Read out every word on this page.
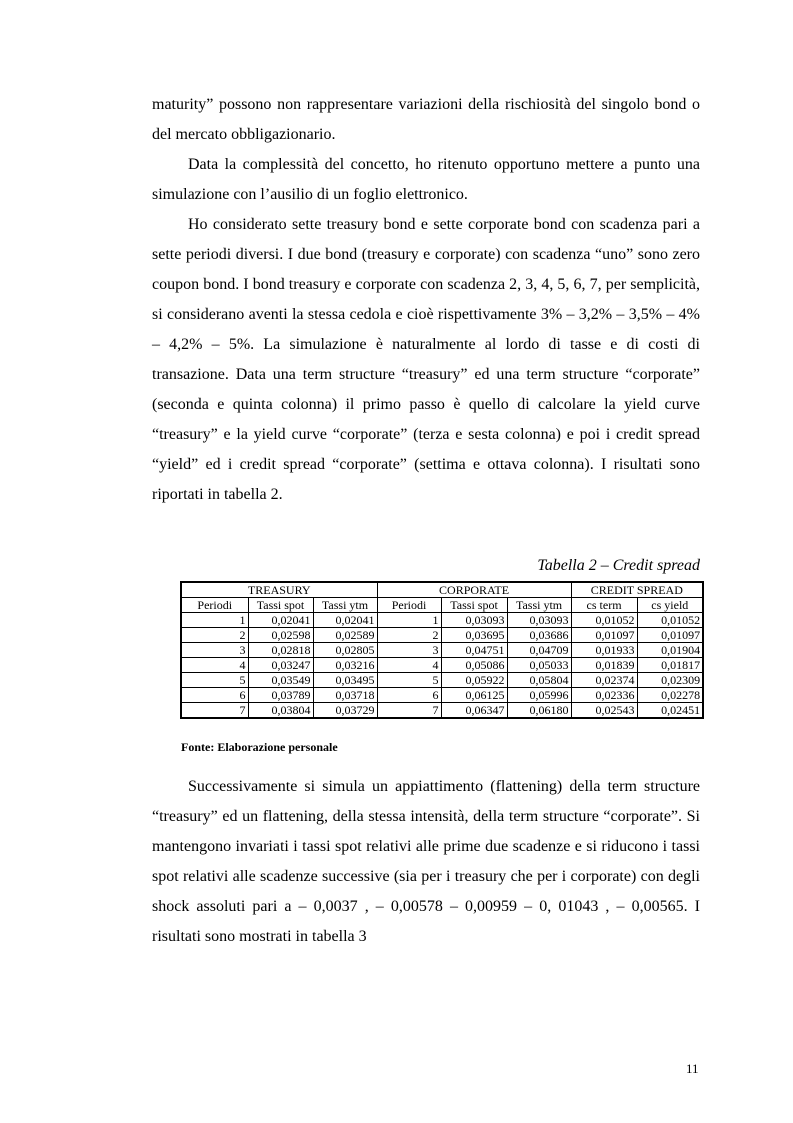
maturity” possono non rappresentare variazioni della rischiosità del singolo bond o del mercato obbligazionario.

Data la complessità del concetto, ho ritenuto opportuno mettere a punto una simulazione con l’ausilio di un foglio elettronico.

Ho considerato sette treasury bond e sette corporate bond con scadenza pari a sette periodi diversi. I due bond (treasury e corporate) con scadenza “uno” sono zero coupon bond. I bond treasury e corporate con scadenza 2, 3, 4, 5, 6, 7, per semplicità, si considerano aventi la stessa cedola e cioè rispettivamente 3% – 3,2% – 3,5% – 4% – 4,2% – 5%. La simulazione è naturalmente al lordo di tasse e di costi di transazione. Data una term structure “treasury” ed una term structure “corporate” (seconda e quinta colonna) il primo passo è quello di calcolare la yield curve “treasury” e la yield curve “corporate” (terza e sesta colonna) e poi i credit spread “yield” ed i credit spread “corporate” (settima e ottava colonna). I risultati sono riportati in tabella 2.

Tabella 2 – Credit spread
TREASURY			CORPORATE			CREDIT SPREAD	
Periodi	Tassi spot	Tassi ytm	Periodi	Tassi spot	Tassi ytm	cs term	cs yield
1	0,02041	0,02041	1	0,03093	0,03093	0,01052	0,01052
2	0,02598	0,02589	2	0,03695	0,03686	0,01097	0,01097
3	0,02818	0,02805	3	0,04751	0,04709	0,01933	0,01904
4	0,03247	0,03216	4	0,05086	0,05033	0,01839	0,01817
5	0,03549	0,03495	5	0,05922	0,05804	0,02374	0,02309
6	0,03789	0,03718	6	0,06125	0,05996	0,02336	0,02278
7	0,03804	0,03729	7	0,06347	0,06180	0,02543	0,02451
Fonte: Elaborazione personale

Successivamente si simula un appiattimento (flattening) della term structure “treasury” ed un flattening, della stessa intensità, della term structure “corporate”. Si mantengono invariati i tassi spot relativi alle prime due scadenze e si riducono i tassi spot relativi alle scadenze successive (sia per i treasury che per i corporate) con degli shock assoluti pari a – 0,0037 , – 0,00578 – 0,00959 – 0, 01043 , – 0,00565. I risultati sono mostrati in tabella 3

11
